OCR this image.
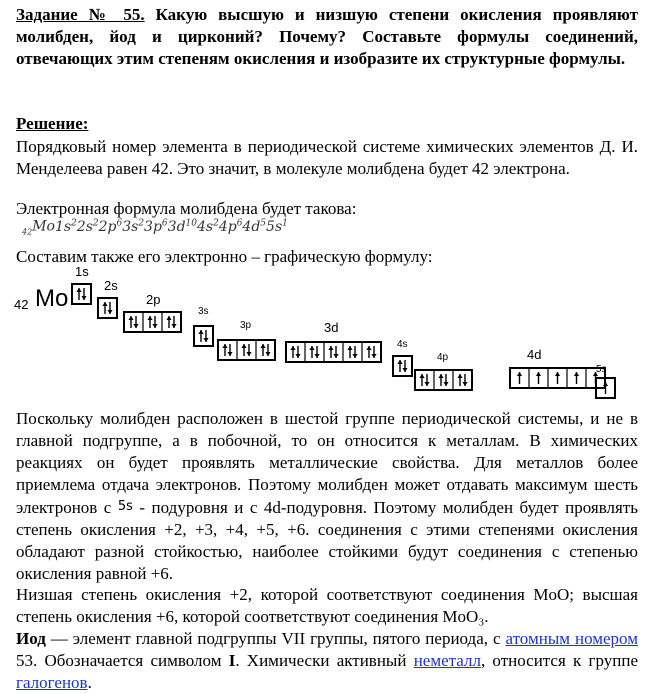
Задание № 55. Какую высшую и низшую степени окисления проявляют молибден, йод и цирконий? Почему? Составьте формулы соединений, отвечающих этим степеням окисления и изобразите их структурные формулы.
Решение:
Порядковый номер элемента в периодической системе химических элементов Д. И. Менделеева равен 42. Это значит, в молекуле молибдена будет 42 электрона.
Электронная формула молибдена будет такова:
$_{42}Mo1s^22s^22p^63s^23p^63d^{10}4s^24p^64d^55s^1$
Составим также его электронно – графическую формулу:
42 Mo
1s
2s
2p
3s
3p	3d
4s
4p	4d
5s
Поскольку молибден расположен в шестой группе периодической системы, и не в главной подгруппе, а в побочной, то он относится к металлам. В химических реакциях он будет проявлять металлические свойства. Для металлов более приемлема отдача электронов. Поэтому молибден может отдавать максимум шесть электронов с 5s - подуровня и с 4d-подуровня. Поэтому молибден будет проявлять степень окисления +2, +3, +4, +5, +6. соединения с этими степенями окисления обладают разной стойкостью, наиболее стойкими будут соединения с степенью окисления равной +6.
Низшая степень окисления +2, которой соответствуют соединения MoO; высшая степень окисления +6, которой соответствуют соединения MoO₃.
Иод — элемент главной подгруппы VII группы, пятого периода, с атомным номером 53. Обозначается символом I. Химически активный неметалл, относится к группе галогенов.
